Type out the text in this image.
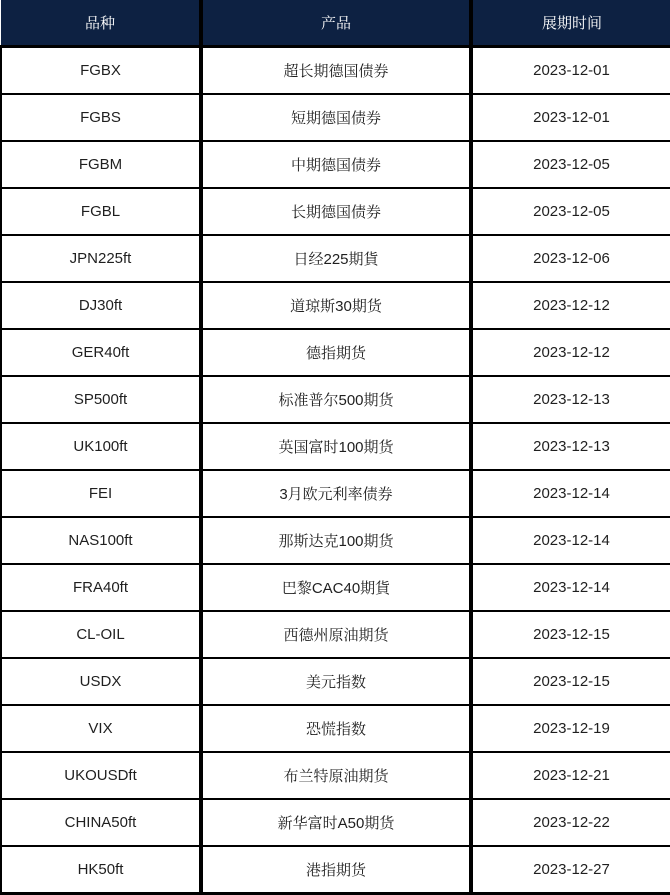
品种	产品	展期时间
FGBX	超长期德国债券	2023-12-01
FGBS	短期德国债券	2023-12-01
FGBM	中期德国债券	2023-12-05
FGBL	长期德国债券	2023-12-05
JPN225ft	日经225期貨	2023-12-06
DJ30ft	道琼斯30期货	2023-12-12
GER40ft	德指期货	2023-12-12
SP500ft	标准普尔500期货	2023-12-13
UK100ft	英国富时100期货	2023-12-13
FEI	3月欧元利率债券	2023-12-14
NAS100ft	那斯达克100期货	2023-12-14
FRA40ft	巴黎CAC40期貨	2023-12-14
CL-OIL	西德州原油期货	2023-12-15
USDX	美元指数	2023-12-15
VIX	恐慌指数	2023-12-19
UKOUSDft	布兰特原油期货	2023-12-21
CHINA50ft	新华富时A50期货	2023-12-22
HK50ft	港指期货	2023-12-27
